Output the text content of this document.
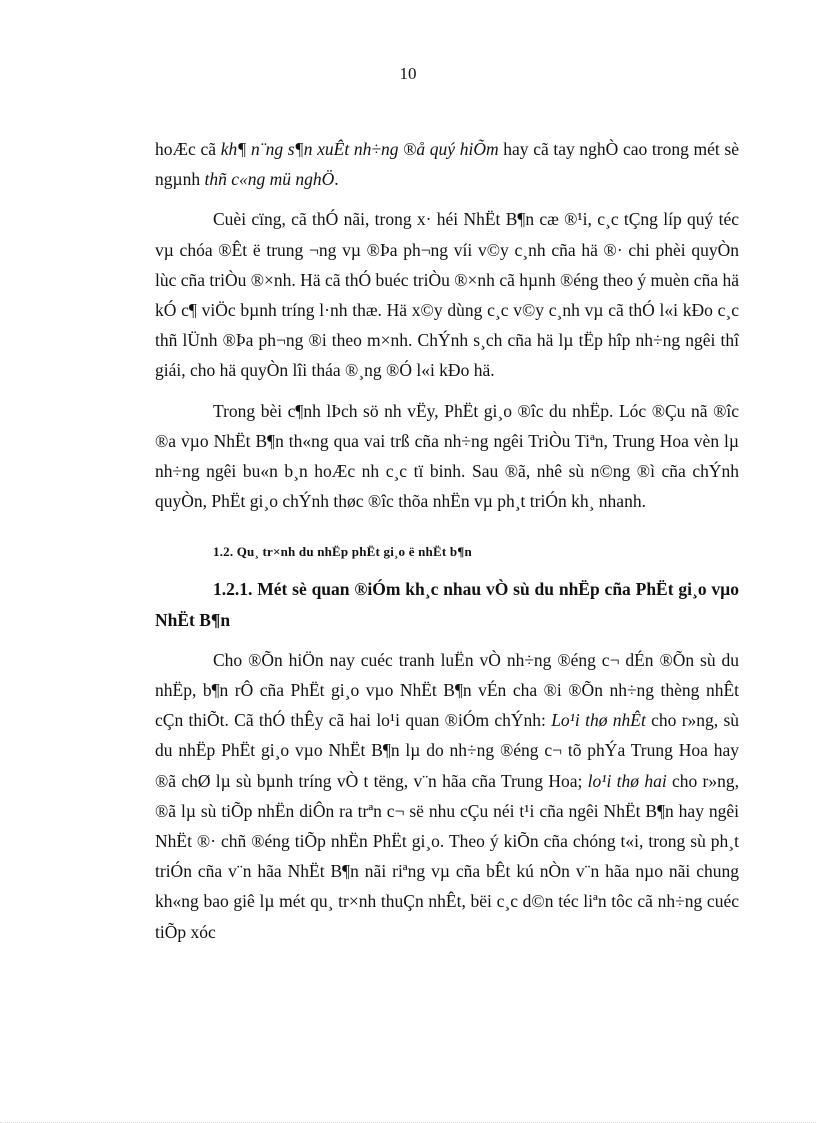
10

hoÆc cã kh¶ n¨ng s¶n xuÊt nh÷ng ®å quý hiÕm hay cã tay nghÒ cao trong mét sè ngµnh thñ c«ng mü nghÖ.

Cuèi cïng, cã thÓ nãi, trong x· héi NhËt B¶n cæ ®¹i, c¸c tÇng líp quý téc vµ chóa ®Êt ë trung ¬ng vµ ®Þa ph¬ng víi v©y c¸nh cña hä ®· chi phèi quyÒn lùc cña triÒu ®×nh. Hä cã thÓ buéc triÒu ®×nh cã hµnh ®éng theo ý muèn cña hä kÓ c¶ viÖc bµnh tríng l·nh thæ. Hä x©y dùng c¸c v©y c¸nh vµ cã thÓ l«i kÐo c¸c thñ lÜnh ®Þa ph¬ng ®i theo m×nh. ChÝnh s¸ch cña hä lµ tËp hîp nh÷ng ngêi thî giái, cho hä quyÒn lîi tháa ®¸ng ®Ó l«i kÐo hä.

Trong bèi c¶nh lÞch sö nh vËy, PhËt gi¸o ®îc du nhËp. Lóc ®Çu nã ®îc ®a vµo NhËt B¶n th«ng qua vai trß cña nh÷ng ngêi TriÒu Tiªn, Trung Hoa vèn lµ nh÷ng ngêi bu«n b¸n hoÆc nh c¸c tï binh. Sau ®ã, nhê sù n©ng ®ì cña chÝnh quyÒn, PhËt gi¸o chÝnh thøc ®îc thõa nhËn vµ ph¸t triÓn kh¸ nhanh.

1.2. Qu¸ tr×nh du nhËp phËt gi¸o ë nhËt b¶n
1.2.1. Mét sè quan ®iÓm kh¸c nhau vÒ sù du nhËp cña PhËt gi¸o vµo NhËt B¶n

Cho ®Õn hiÖn nay cuéc tranh luËn vÒ nh÷ng ®éng c¬ dÉn ®Õn sù du nhËp, b¶n rÔ cña PhËt gi¸o vµo NhËt B¶n vÉn cha ®i ®Õn nh÷ng thèng nhÊt cÇn thiÕt. Cã thÓ thÊy cã hai lo¹i quan ®iÓm chÝnh: Lo¹i thø nhÊt cho r»ng, sù du nhËp PhËt gi¸o vµo NhËt B¶n lµ do nh÷ng ®éng c¬ tõ phÝa Trung Hoa hay ®ã chØ lµ sù bµnh tríng vÒ t tëng, v¨n hãa cña Trung Hoa; lo¹i thø hai cho r»ng, ®ã lµ sù tiÕp nhËn diÔn ra trªn c¬ së nhu cÇu néi t¹i cña ngêi NhËt B¶n hay ngêi NhËt ®· chñ ®éng tiÕp nhËn PhËt gi¸o. Theo ý kiÕn cña chóng t«i, trong sù ph¸t triÓn cña v¨n hãa NhËt B¶n nãi riªng vµ cña bÊt kú nÒn v¨n hãa nµo nãi chung kh«ng bao giê lµ mét qu¸ tr×nh thuÇn nhÊt, bëi c¸c d©n téc liªn tôc cã nh÷ng cuéc tiÕp xóc
